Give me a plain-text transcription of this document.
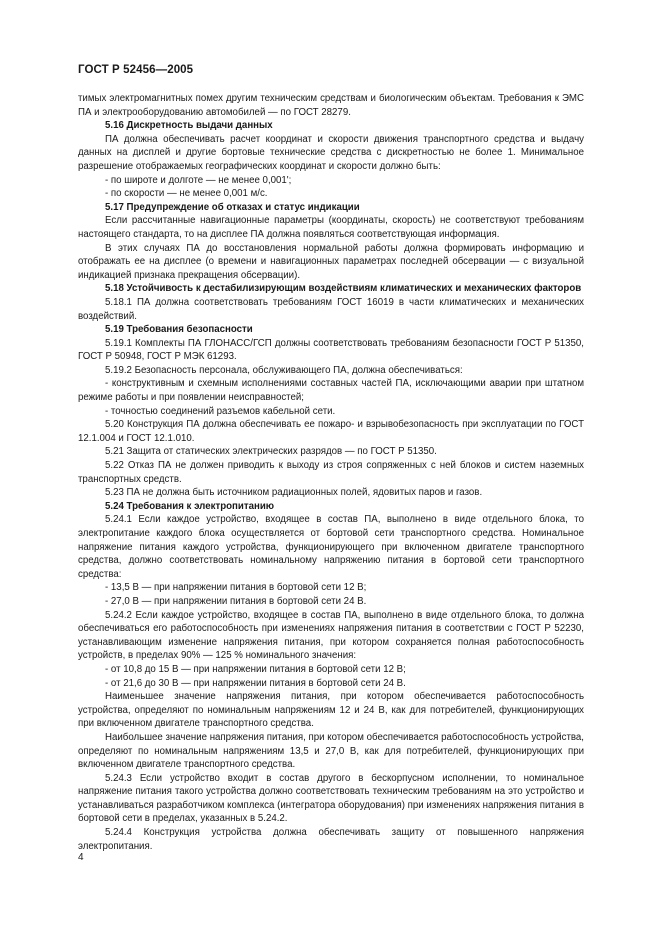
ГОСТ Р 52456—2005

тимых электромагнитных помех другим техническим средствам и биологическим объектам. Требования к ЭМС ПА и электрооборудованию автомобилей — по ГОСТ 28279.

5.16 Дискретность выдачи данных

ПА должна обеспечивать расчет координат и скорости движения транспортного средства и выдачу данных на дисплей и другие бортовые технические средства с дискретностью не более 1. Минимальное разрешение отображаемых географических координат и скорости должно быть:

- по широте и долготе — не менее 0,001';

- по скорости — не менее 0,001 м/с.

5.17 Предупреждение об отказах и статус индикации

Если рассчитанные навигационные параметры (координаты, скорость) не соответствуют требованиям настоящего стандарта, то на дисплее ПА должна появляться соответствующая информация.

В этих случаях ПА до восстановления нормальной работы должна формировать информацию и отображать ее на дисплее (о времени и навигационных параметрах последней обсервации — с визуальной индикацией признака прекращения обсервации).

5.18 Устойчивость к дестабилизирующим воздействиям климатических и механических факторов

5.18.1 ПА должна соответствовать требованиям ГОСТ 16019 в части климатических и механических воздействий.

5.19 Требования безопасности

5.19.1 Комплекты ПА ГЛОНАСС/ГСП должны соответствовать требованиям безопасности ГОСТ Р 51350, ГОСТ Р 50948, ГОСТ Р МЭК 61293.

5.19.2 Безопасность персонала, обслуживающего ПА, должна обеспечиваться:

- конструктивным и схемным исполнениями составных частей ПА, исключающими аварии при штатном режиме работы и при появлении неисправностей;

- точностью соединений разъемов кабельной сети.

5.20 Конструкция ПА должна обеспечивать ее пожаро- и взрывобезопасность при эксплуатации по ГОСТ 12.1.004 и ГОСТ 12.1.010.

5.21 Защита от статических электрических разрядов — по ГОСТ Р 51350.

5.22 Отказ ПА не должен приводить к выходу из строя сопряженных с ней блоков и систем наземных транспортных средств.

5.23 ПА не должна быть источником радиационных полей, ядовитых паров и газов.

5.24 Требования к электропитанию

5.24.1 Если каждое устройство, входящее в состав ПА, выполнено в виде отдельного блока, то электропитание каждого блока осуществляется от бортовой сети транспортного средства. Номинальное напряжение питания каждого устройства, функционирующего при включенном двигателе транспортного средства, должно соответствовать номинальному напряжению питания в бортовой сети транспортного средства:

- 13,5 В — при напряжении питания в бортовой сети 12 В;

- 27,0 В — при напряжении питания в бортовой сети 24 В.

5.24.2 Если каждое устройство, входящее в состав ПА, выполнено в виде отдельного блока, то должна обеспечиваться его работоспособность при изменениях напряжения питания в соответствии с ГОСТ Р 52230, устанавливающим изменение напряжения питания, при котором сохраняется полная работоспособность устройств, в пределах 90% — 125 % номинального значения:

- от 10,8 до 15 В — при напряжении питания в бортовой сети 12 В;

- от 21,6 до 30 В — при напряжении питания в бортовой сети 24 В.

Наименьшее значение напряжения питания, при котором обеспечивается работоспособность устройства, определяют по номинальным напряжениям 12 и 24 В, как для потребителей, функционирующих при включенном двигателе транспортного средства.

Наибольшее значение напряжения питания, при котором обеспечивается работоспособность устройства, определяют по номинальным напряжениям 13,5 и 27,0 В, как для потребителей, функционирующих при включенном двигателе транспортного средства.

5.24.3 Если устройство входит в состав другого в бескорпусном исполнении, то номинальное напряжение питания такого устройства должно соответствовать техническим требованиям на это устройство и устанавливаться разработчиком комплекса (интегратора оборудования) при изменениях напряжения питания в бортовой сети в пределах, указанных в 5.24.2.

5.24.4 Конструкция устройства должна обеспечивать защиту от повышенного напряжения электропитания.

4
